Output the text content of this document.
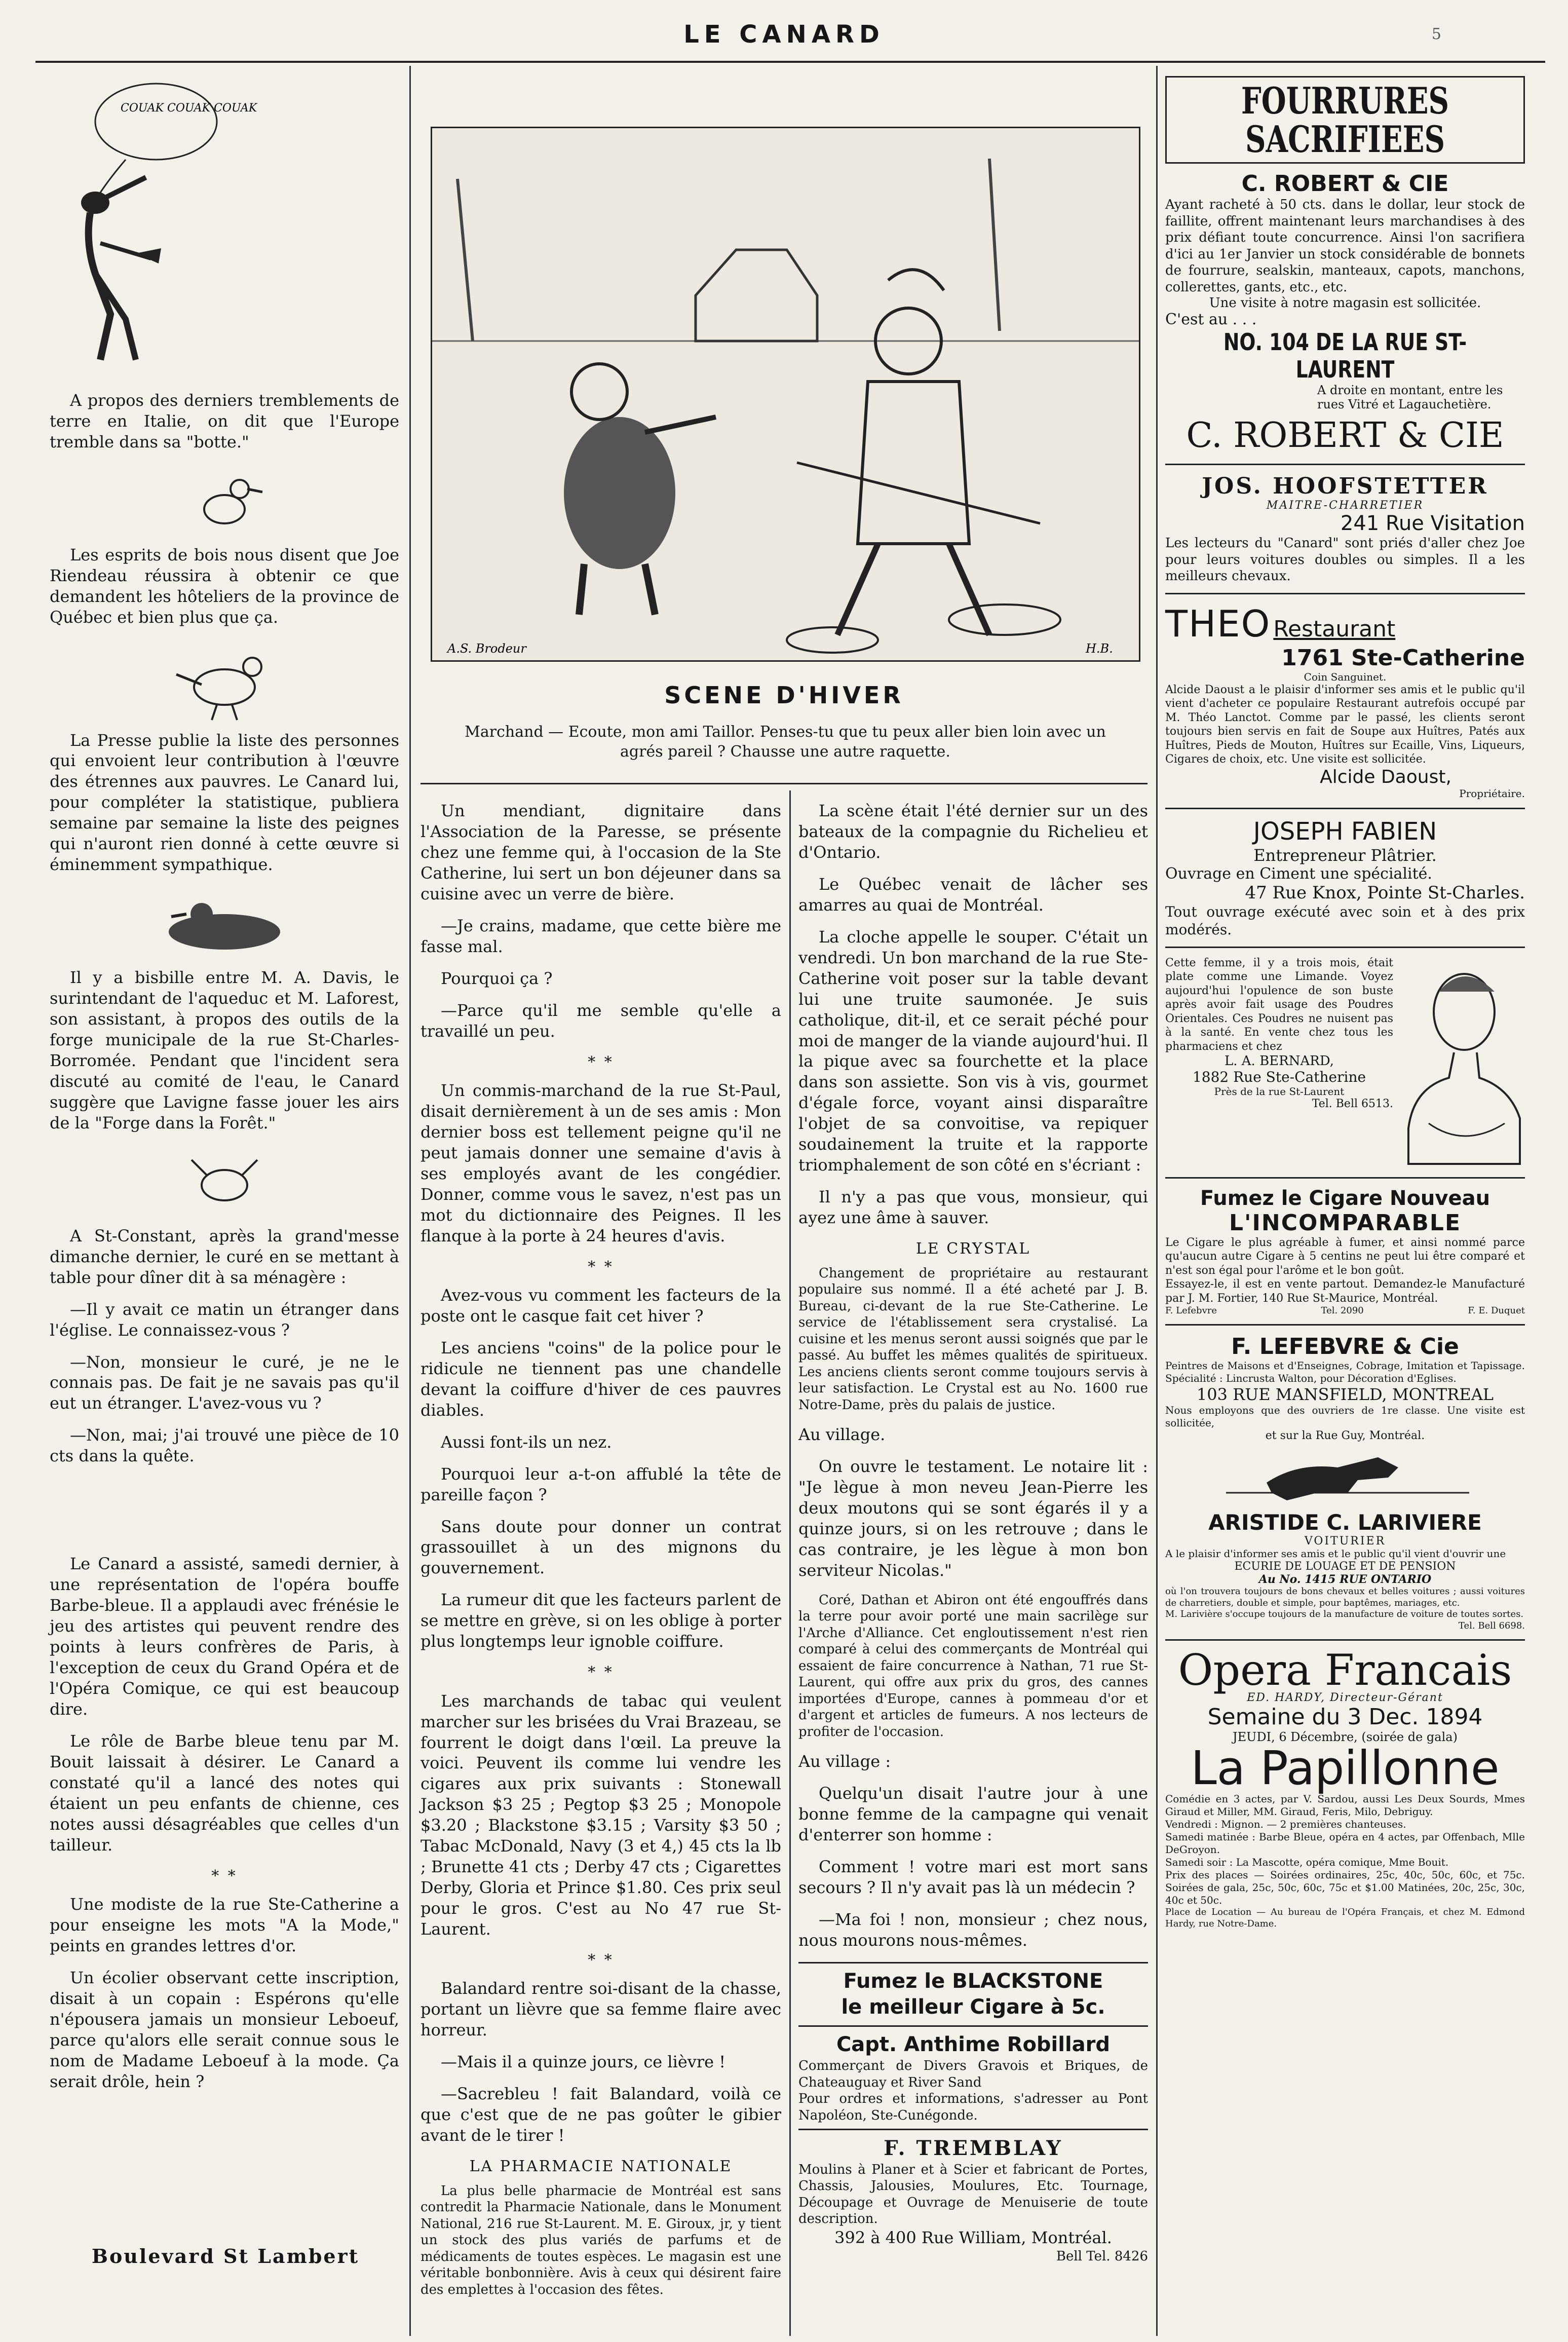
LE CANARD	5
COUAK COUAK COUAK

A propos des derniers tremblements de terre en Italie, on dit que l'Europe tremble dans sa "botte."

Les esprits de bois nous disent que Joe Riendeau réussira à obtenir ce que demandent les hôteliers de la province de Québec et bien plus que ça.

La Presse publie la liste des personnes qui envoient leur contribution à l'œuvre des étrennes aux pauvres. Le Canard lui, pour compléter la statistique, publiera semaine par semaine la liste des peignes qui n'auront rien donné à cette œuvre si éminemment sympathique.

Il y a bisbille entre M. A. Davis, le surintendant de l'aqueduc et M. Laforest, son assistant, à propos des outils de la forge municipale de la rue St-Charles-Borromée. Pendant que l'incident sera discuté au comité de l'eau, le Canard suggère que Lavigne fasse jouer les airs de la "Forge dans la Forêt."

A St-Constant, après la grand'messe dimanche dernier, le curé en se mettant à table pour dîner dit à sa ménagère :

—Il y avait ce matin un étranger dans l'église. Le connaissez-vous ?

—Non, monsieur le curé, je ne le connais pas. De fait je ne savais pas qu'il eut un étranger. L'avez-vous vu ?

—Non, mai; j'ai trouvé une pièce de 10 cts dans la quête.

Le Canard a assisté, samedi dernier, à une représentation de l'opéra bouffe Barbe-bleue. Il a applaudi avec frénésie le jeu des artistes qui peuvent rendre des points à leurs confrères de Paris, à l'exception de ceux du Grand Opéra et de l'Opéra Comique, ce qui est beaucoup dire.

Le rôle de Barbe bleue tenu par M. Bouit laissait à désirer. Le Canard a constaté qu'il a lancé des notes qui étaient un peu enfants de chienne, ces notes aussi désagréables que celles d'un tailleur.

* *

Une modiste de la rue Ste-Catherine a pour enseigne les mots "A la Mode," peints en grandes lettres d'or.

Un écolier observant cette inscription, disait à un copain : Espérons qu'elle n'épousera jamais un monsieur Leboeuf, parce qu'alors elle serait connue sous le nom de Madame Leboeuf à la mode. Ça serait drôle, hein ?

Boulevard St Lambert
A.S. Brodeur	H.B.
SCENE D'HIVER
Marchand — Ecoute, mon ami Taillor. Penses-tu que tu peux aller bien loin avec un agrés pareil ? Chausse une autre raquette.

Un mendiant, dignitaire dans l'Association de la Paresse, se présente chez une femme qui, à l'occasion de la Ste Catherine, lui sert un bon déjeuner dans sa cuisine avec un verre de bière.

—Je crains, madame, que cette bière me fasse mal.

Pourquoi ça ?

—Parce qu'il me semble qu'elle a travaillé un peu.

* *

Un commis-marchand de la rue St-Paul, disait dernièrement à un de ses amis : Mon dernier boss est tellement peigne qu'il ne peut jamais donner une semaine d'avis à ses employés avant de les congédier. Donner, comme vous le savez, n'est pas un mot du dictionnaire des Peignes. Il les flanque à la porte à 24 heures d'avis.

* *

Avez-vous vu comment les facteurs de la poste ont le casque fait cet hiver ?

Les anciens "coins" de la police pour le ridicule ne tiennent pas une chandelle devant la coiffure d'hiver de ces pauvres diables.

Aussi font-ils un nez.

Pourquoi leur a-t-on affublé la tête de pareille façon ?

Sans doute pour donner un contrat grassouillet à un des mignons du gouvernement.

La rumeur dit que les facteurs parlent de se mettre en grève, si on les oblige à porter plus longtemps leur ignoble coiffure.

* *

Les marchands de tabac qui veulent marcher sur les brisées du Vrai Brazeau, se fourrent le doigt dans l'œil. La preuve la voici. Peuvent ils comme lui vendre les cigares aux prix suivants : Stonewall Jackson $3 25 ; Pegtop $3 25 ; Monopole $3.20 ; Blackstone $3.15 ; Varsity $3 50 ; Tabac McDonald, Navy (3 et 4,) 45 cts la lb ; Brunette 41 cts ; Derby 47 cts ; Cigarettes Derby, Gloria et Prince $1.80. Ces prix seul pour le gros. C'est au No 47 rue St-Laurent.

* *

Balandard rentre soi-disant de la chasse, portant un lièvre que sa femme flaire avec horreur.

—Mais il a quinze jours, ce lièvre !

—Sacrebleu ! fait Balandard, voilà ce que c'est que de ne pas goûter le gibier avant de le tirer !

LA PHARMACIE NATIONALE

La plus belle pharmacie de Montréal est sans contredit la Pharmacie Nationale, dans le Monument National, 216 rue St-Laurent. M. E. Giroux, jr, y tient un stock des plus variés de parfums et de médicaments de toutes espèces. Le magasin est une véritable bonbonnière. Avis à ceux qui désirent faire des emplettes à l'occasion des fêtes.

La scène était l'été dernier sur un des bateaux de la compagnie du Richelieu et d'Ontario.

Le Québec venait de lâcher ses amarres au quai de Montréal.

La cloche appelle le souper. C'était un vendredi. Un bon marchand de la rue Ste-Catherine voit poser sur la table devant lui une truite saumonée. Je suis catholique, dit-il, et ce serait péché pour moi de manger de la viande aujourd'hui. Il la pique avec sa fourchette et la place dans son assiette. Son vis à vis, gourmet d'égale force, voyant ainsi disparaître l'objet de sa convoitise, va repiquer soudainement la truite et la rapporte triomphalement de son côté en s'écriant :

Il n'y a pas que vous, monsieur, qui ayez une âme à sauver.

LE CRYSTAL

Changement de propriétaire au restaurant populaire sus nommé. Il a été acheté par J. B. Bureau, ci-devant de la rue Ste-Catherine. Le service de l'établissement sera crystalisé. La cuisine et les menus seront aussi soignés que par le passé. Au buffet les mêmes qualités de spiritueux. Les anciens clients seront comme toujours servis à leur satisfaction. Le Crystal est au No. 1600 rue Notre-Dame, près du palais de justice.

Au village.

On ouvre le testament. Le notaire lit : "Je lègue à mon neveu Jean-Pierre les deux moutons qui se sont égarés il y a quinze jours, si on les retrouve ; dans le cas contraire, je les lègue à mon bon serviteur Nicolas."

Coré, Dathan et Abiron ont été engouffrés dans la terre pour avoir porté une main sacrilège sur l'Arche d'Alliance. Cet engloutissement n'est rien comparé à celui des commerçants de Montréal qui essaient de faire concurrence à Nathan, 71 rue St-Laurent, qui offre aux prix du gros, des cannes importées d'Europe, cannes à pommeau d'or et d'argent et articles de fumeurs. A nos lecteurs de profiter de l'occasion.

Au village :

Quelqu'un disait l'autre jour à une bonne femme de la campagne qui venait d'enterrer son homme :

Comment ! votre mari est mort sans secours ? Il n'y avait pas là un médecin ?

—Ma foi ! non, monsieur ; chez nous, nous mourons nous-mêmes.

Fumez le BLACKSTONE
le meilleur Cigare à 5c.
Capt. Anthime Robillard
Commerçant de Divers Gravois et Briques, de Chateauguay et River Sand
Pour ordres et informations, s'adresser au Pont Napoléon, Ste-Cunégonde.
F. TREMBLAY
Moulins à Planer et à Scier et fabricant de Portes, Chassis, Jalousies, Moulures, Etc. Tournage, Découpage et Ouvrage de Menuiserie de toute description.
392 à 400 Rue William, Montréal.
Bell Tel. 8426
FOURRURES SACRIFIEES
C. ROBERT & CIE
Ayant racheté à 50 cts. dans le dollar, leur stock de faillite, offrent maintenant leurs marchandises à des prix défiant toute concurrence. Ainsi l'on sacrifiera d'ici au 1er Janvier un stock considérable de bonnets de fourrure, sealskin, manteaux, capots, manchons, collerettes, gants, etc., etc.
Une visite à notre magasin est sollicitée.
C'est au . . .
NO. 104 DE LA RUE ST-LAURENT
A droite en montant, entre les rues Vitré et Lagauchetière.
C. ROBERT & CIE
JOS. HOOFSTETTER
MAITRE-CHARRETIER
241 Rue Visitation
Les lecteurs du "Canard" sont priés d'aller chez Joe pour leurs voitures doubles ou simples. Il a les meilleurs chevaux.
THEO Restaurant
1761 Ste-Catherine
Coin Sanguinet.
Alcide Daoust a le plaisir d'informer ses amis et le public qu'il vient d'acheter ce populaire Restaurant autrefois occupé par M. Théo Lanctot. Comme par le passé, les clients seront toujours bien servis en fait de Soupe aux Huîtres, Patés aux Huîtres, Pieds de Mouton, Huîtres sur Ecaille, Vins, Liqueurs, Cigares de choix, etc. Une visite est sollicitée.
Alcide Daoust,
Propriétaire.
JOSEPH FABIEN
Entrepreneur Plâtrier.
Ouvrage en Ciment une spécialité.
47 Rue Knox, Pointe St-Charles.
Tout ouvrage exécuté avec soin et à des prix modérés.
Cette femme, il y a trois mois, était plate comme une Limande. Voyez aujourd'hui l'opulence de son buste après avoir fait usage des Poudres Orientales. Ces Poudres ne nuisent pas à la santé. En vente chez tous les pharmaciens et chez
L. A. BERNARD,
1882 Rue Ste-Catherine
Près de la rue St-Laurent
Tel. Bell 6513.
Fumez le Cigare Nouveau
L'INCOMPARABLE
Le Cigare le plus agréable à fumer, et ainsi nommé parce qu'aucun autre Cigare à 5 centins ne peut lui être comparé et n'est son égal pour l'arôme et le bon goût.
Essayez-le, il est en vente partout. Demandez-le Manufacturé par J. M. Fortier, 140 Rue St-Maurice, Montréal.
F. Lefebvre	Tel. 2090	F. E. Duquet
F. LEFEBVRE & Cie
Peintres de Maisons et d'Enseignes, Cobrage, Imitation et Tapissage. Spécialité : Lincrusta Walton, pour Décoration d'Eglises.
103 RUE MANSFIELD, MONTREAL
Nous employons que des ouvriers de 1re classe. Une visite est sollicitée,
et sur la Rue Guy, Montréal.
ARISTIDE C. LARIVIERE
VOITURIER
A le plaisir d'informer ses amis et le public qu'il vient d'ouvrir une
ECURIE DE LOUAGE ET DE PENSION
Au No. 1415 RUE ONTARIO
où l'on trouvera toujours de bons chevaux et belles voitures ; aussi voitures de charretiers, double et simple, pour baptêmes, mariages, etc.
M. Larivière s'occupe toujours de la manufacture de voiture de toutes sortes.
Tel. Bell 6698.
Opera Francais
ED. HARDY, Directeur-Gérant
Semaine du 3 Dec. 1894
JEUDI, 6 Décembre, (soirée de gala)
La Papillonne
Comédie en 3 actes, par V. Sardou, aussi Les Deux Sourds, Mmes Giraud et Miller, MM. Giraud, Feris, Milo, Debriguy.
Vendredi : Mignon. — 2 premières chanteuses.
Samedi matinée : Barbe Bleue, opéra en 4 actes, par Offenbach, Mlle DeGroyon.
Samedi soir : La Mascotte, opéra comique, Mme Bouit.
Prix des places — Soirées ordinaires, 25c, 40c, 50c, 60c, et 75c. Soirées de gala, 25c, 50c, 60c, 75c et $1.00 Matinées, 20c, 25c, 30c, 40c et 50c.
Place de Location — Au bureau de l'Opéra Français, et chez M. Edmond Hardy, rue Notre-Dame.
